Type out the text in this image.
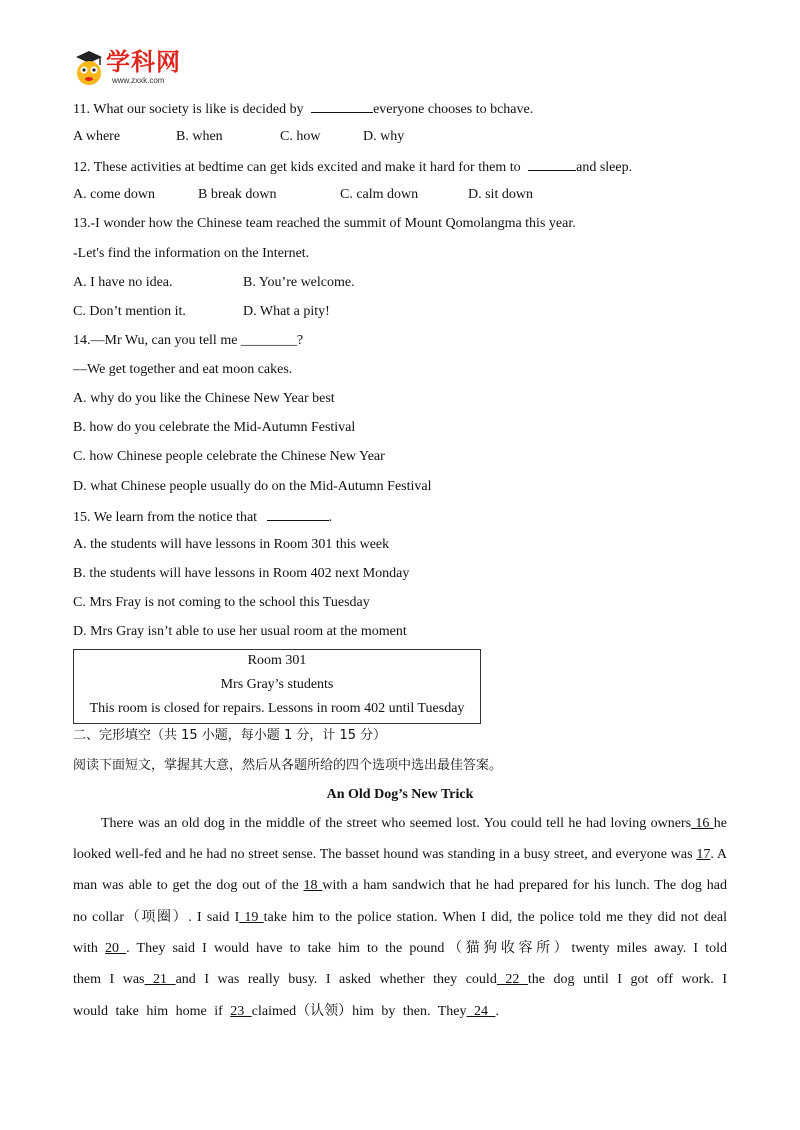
学科网
www.zxxk.com
11. What our society is like is decided by	everyone chooses to bchave.
A where	B. when	C. how	D. why
12. These activities at bedtime can get kids excited and make it hard for them to	and sleep.
A. come down	B break down	C. calm down	D. sit down
13.-I wonder how the Chinese team reached the summit of Mount Qomolangma this year.
-Let's find the information on the Internet.
A. I have no idea.	B. You’re welcome.
C. Don’t mention it.	D. What a pity!
14.—Mr Wu, can you tell me ________?
—We get together and eat moon cakes.
A. why do you like the Chinese New Year best
B. how do you celebrate the Mid-Autumn Festival
C. how Chinese people celebrate the Chinese New Year
D. what Chinese people usually do on the Mid-Autumn Festival
15. We learn from the notice that	.
A. the students will have lessons in Room 301 this week
B. the students will have lessons in Room 402 next Monday
C. Mrs Fray is not coming to the school this Tuesday
D. Mrs Gray isn’t able to use her usual room at the moment
Room 301
Mrs Gray’s students
This room is closed for repairs. Lessons in room 402 until Tuesday
二、完形填空（共 15 小题，每小题 1 分，计 15 分）
阅读下面短文，掌握其大意，然后从各题所给的四个选项中选出最佳答案。
An Old Dog’s New Trick
There was an old dog in the middle of the street who seemed lost. You could tell he had loving owners 16 he
looked well-fed and he had no street sense. The basset hound was standing in a busy street, and everyone was 17. A
man was able to get the dog out of the 18 with a ham sandwich that he had prepared for his lunch. The dog had
no collar（项圈）. I said I 19 take him to the police station. When I did, the police told me they did not deal
with 20 . They said I would have to take him to the pound（猫狗收容所）twenty miles away. I told
them I was 21 and I was really busy. I asked whether they could 22 the dog until I got off work. I
would take him home if 23 claimed（认领）him by then. They 24 .
